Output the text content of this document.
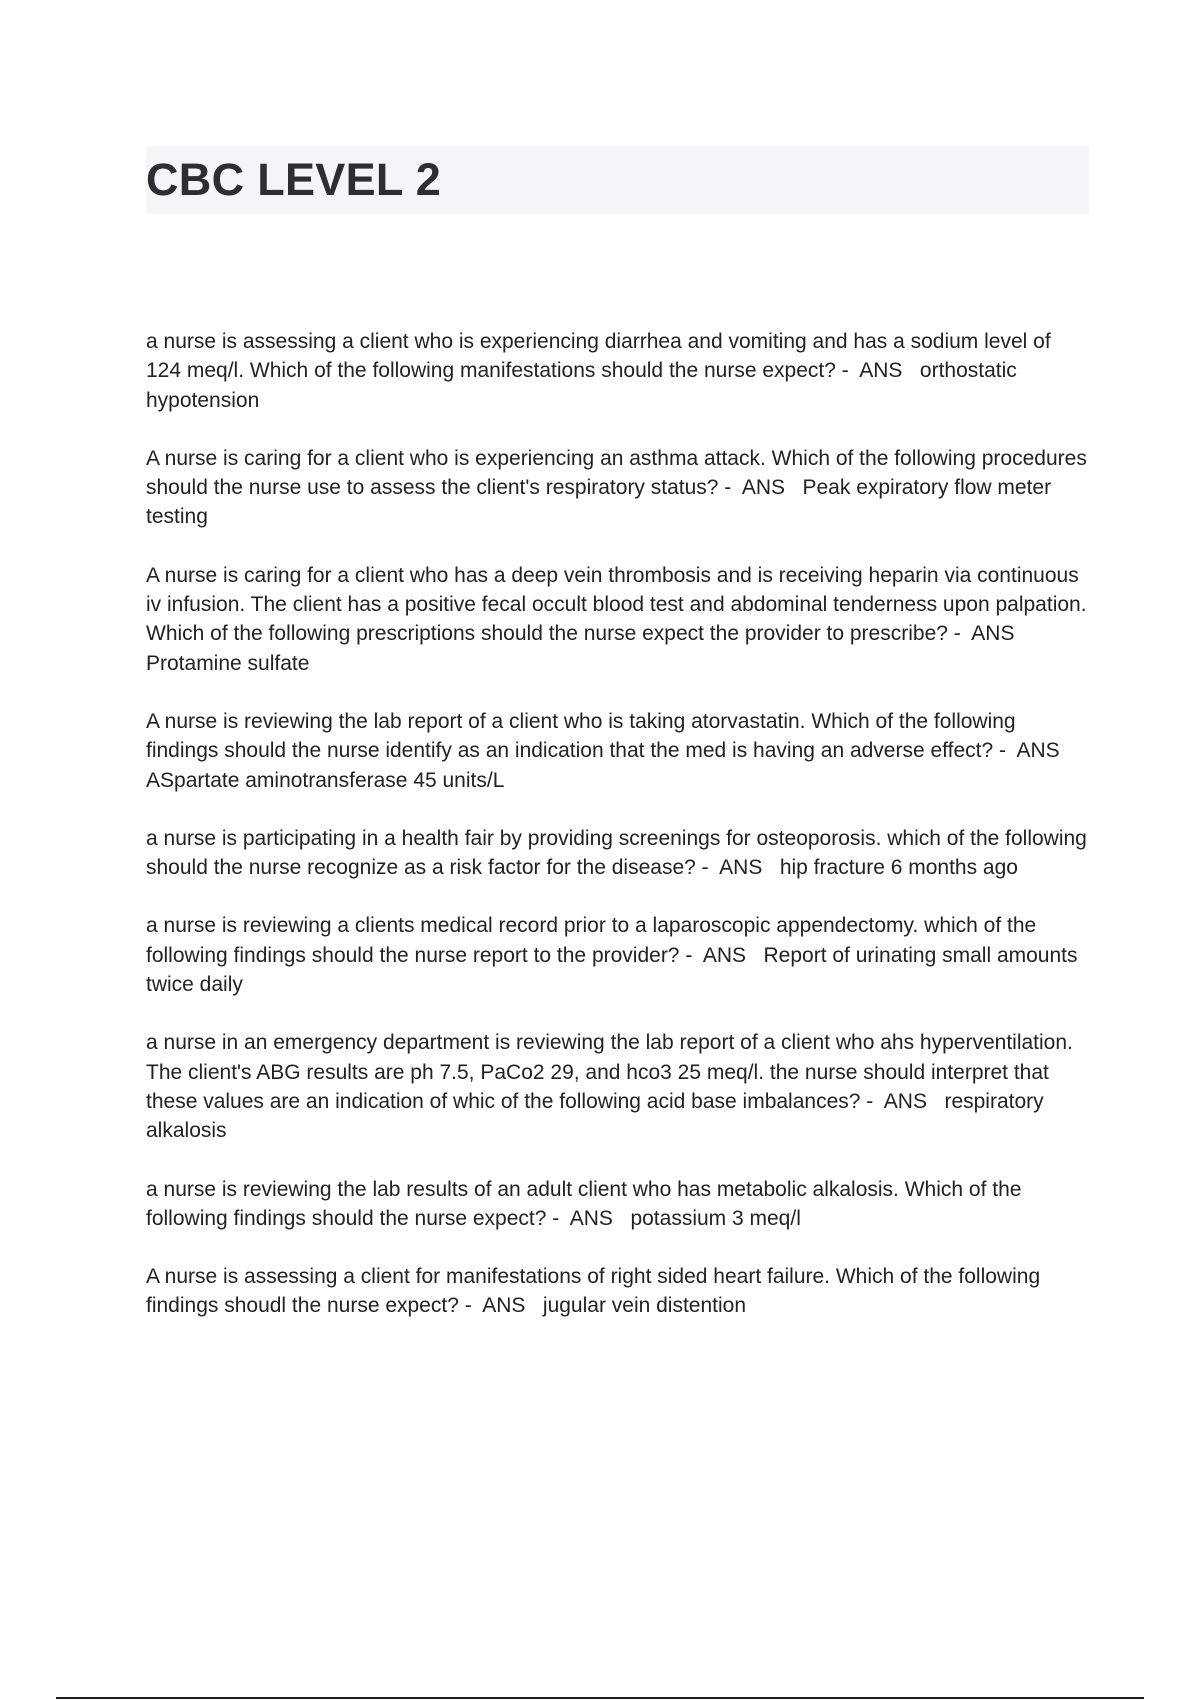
CBC LEVEL 2

a nurse is assessing a client who is experiencing diarrhea and vomiting and has a sodium level of 124 meq/l. Which of the following manifestations should the nurse expect? -  ANS   orthostatic hypotension

A nurse is caring for a client who is experiencing an asthma attack. Which of the following procedures should the nurse use to assess the client's respiratory status? -  ANS   Peak expiratory flow meter testing

A nurse is caring for a client who has a deep vein thrombosis and is receiving heparin via continuous iv infusion. The client has a positive fecal occult blood test and abdominal tenderness upon palpation. Which of the following prescriptions should the nurse expect the provider to prescribe? -  ANS   Protamine sulfate

A nurse is reviewing the lab report of a client who is taking atorvastatin. Which of the following findings should the nurse identify as an indication that the med is having an adverse effect? -  ANS   ASpartate aminotransferase 45 units/L

a nurse is participating in a health fair by providing screenings for osteoporosis. which of the following should the nurse recognize as a risk factor for the disease? -  ANS   hip fracture 6 months ago

a nurse is reviewing a clients medical record prior to a laparoscopic appendectomy. which of the following findings should the nurse report to the provider? -  ANS   Report of urinating small amounts twice daily

a nurse in an emergency department is reviewing the lab report of a client who ahs hyperventilation. The client's ABG results are ph 7.5, PaCo2 29, and hco3 25 meq/l. the nurse should interpret that these values are an indication of whic of the following acid base imbalances? -  ANS   respiratory alkalosis

a nurse is reviewing the lab results of an adult client who has metabolic alkalosis. Which of the following findings should the nurse expect? -  ANS   potassium 3 meq/l

A nurse is assessing a client for manifestations of right sided heart failure. Which of the following findings shoudl the nurse expect? -  ANS   jugular vein distention
